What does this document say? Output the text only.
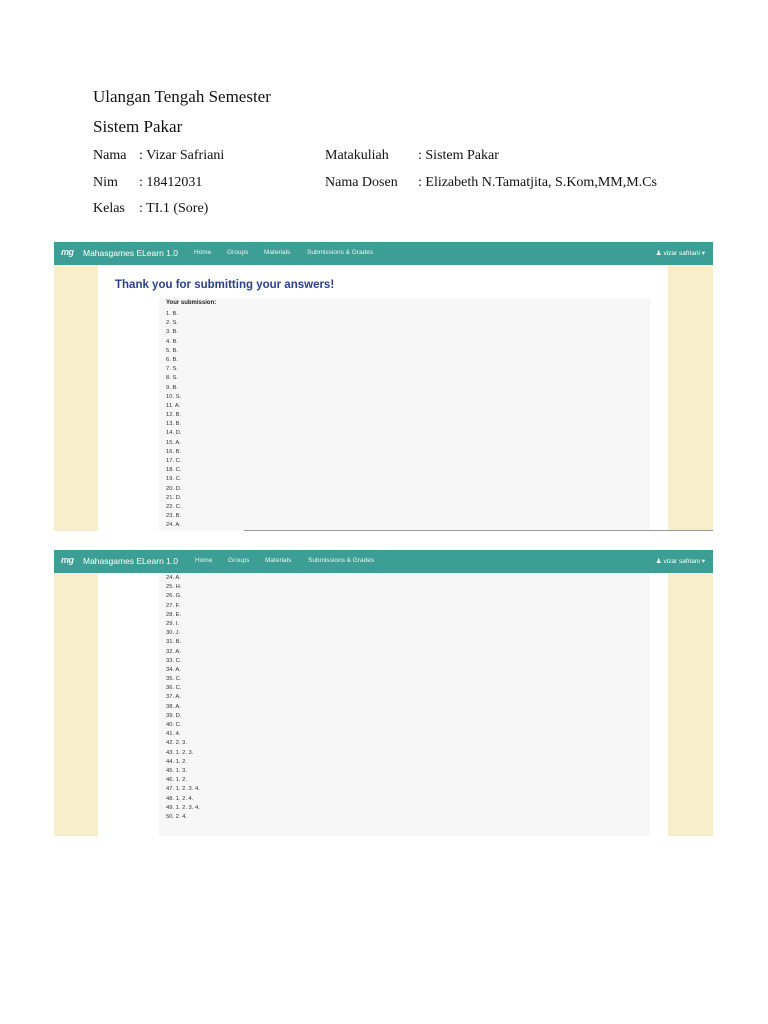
Ulangan Tengah Semester
Sistem Pakar
Nama : Vizar Safriani	Matakuliah : Sistem Pakar
Nim : 18412031	Nama Dosen : Elizabeth N.Tamatjita, S.Kom,MM,M.Cs
Kelas : TI.1 (Sore)
mg Mahasgames ELearn 1.0 Home Groups Materials	Submissions & Grades	♟ vizar safriani ▾
Thank you for submitting your answers!
Your submission:
1. B.
2. S.
3. B.
4. B.
5. B.
6. B.
7. S.
8. S.
9. B.
10. S.
11. A.
12. B.
13. B.
14. D.
15. A.
16. B.
17. C.
18. C.
19. C.
20. D.
21. D.
22. C.
23. B.
24. A.
mg Mahasgames ELearn 1.0	Home Groups Materials	Submissions & Grades	♟ vizar safriani ▾
24. A.
25. H.
26. G.
27. F.
28. E.
29. I.
30. J.
31. B.
32. A.
33. C.
34. A.
35. C.
36. C.
37. A.
38. A.
39. D.
40. C.
41. 4.
42. 2. 3.
43. 1. 2. 3.
44. 1. 2.
45. 1. 3.
46. 1. 2.
47. 1. 2. 3. 4.
48. 1. 2. 4.
49. 1. 2. 3. 4.
50. 2. 4.
